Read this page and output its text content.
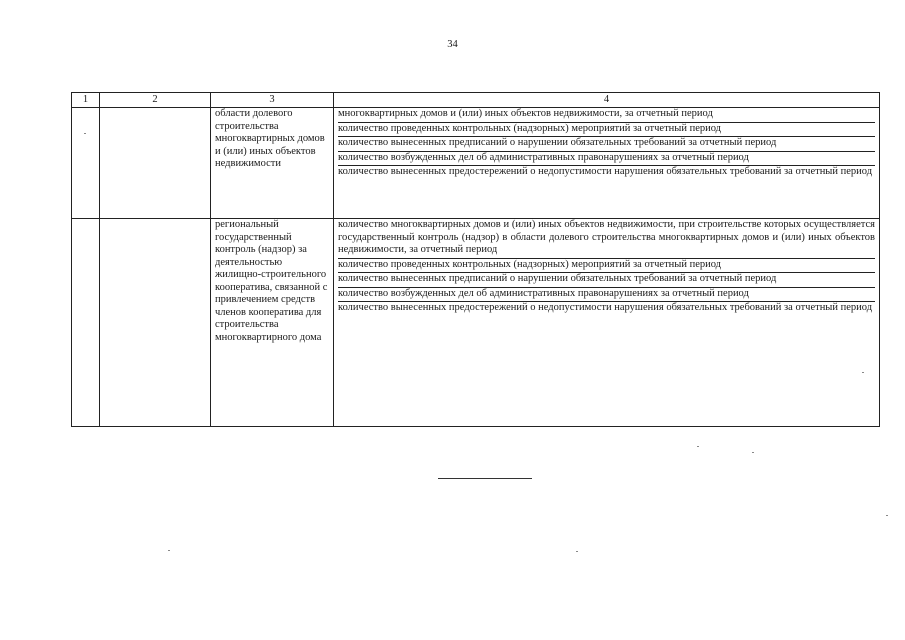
34
1	2	3	4
		области долевого строительства многоквартирных домов и (или) иных объектов недвижимости	многоквартирных домов и (или) иных объектов недвижимости, за отчетный период
количество проведенных контрольных (надзорных) мероприятий за отчетный период
количество вынесенных предписаний о нарушении обязательных требований за отчетный период
количество возбужденных дел об административных правонарушениях за отчетный период
количество вынесенных предостережений о недопустимости нарушения обязательных требований за отчетный период

		региональный государственный контроль (надзор) за деятельностью жилищно-строительного кооператива, связанной с привлечением средств членов кооператива для строительства многоквартирного дома	количество многоквартирных домов и (или) иных объектов недвижимости, при строительстве которых осуществляется государственный контроль (надзор) в области долевого строительства многоквартирных домов и (или) иных объектов недвижимости, за отчетный период
количество проведенных контрольных (надзорных) мероприятий за отчетный период
количество вынесенных предписаний о нарушении обязательных требований за отчетный период
количество возбужденных дел об административных правонарушениях за отчетный период
количество вынесенных предостережений о недопустимости нарушения обязательных требований за отчетный период
